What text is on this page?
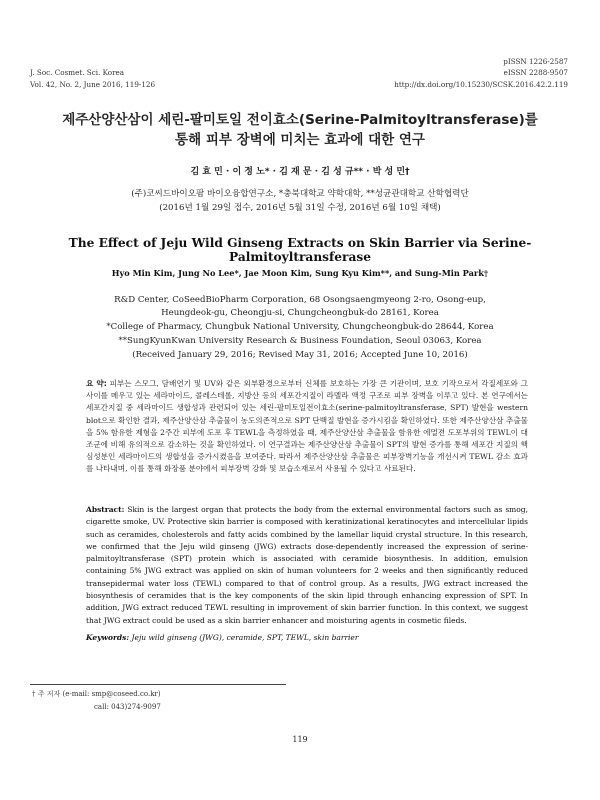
J. Soc. Cosmet. Sci. Korea
Vol. 42, No. 2, June 2016, 119-126
pISSN 1226-2587
eISSN 2288-9507
http://dx.doi.org/10.15230/SCSK.2016.42.2.119
제주산양산삼이 세린-팔미토일 전이효소(Serine-Palmitoyltransferase)를
통해 피부 장벽에 미치는 효과에 대한 연구
김 효 민 · 이 정 노* · 김 재 문 · 김 성 규** · 박 성 민†
(주)코씨드바이오팜 바이오융합연구소, *충북대학교 약학대학, **성균관대학교 산학협력단
(2016년 1월 29일 접수, 2016년 5월 31일 수정, 2016년 6월 10일 채택)
The Effect of Jeju Wild Ginseng Extracts on Skin Barrier via Serine-Palmitoyltransferase
Hyo Min Kim, Jung No Lee*, Jae Moon Kim, Sung Kyu Kim**, and Sung-Min Park†
R&D Center, CoSeedBioPharm Corporation, 68 Osongsaengmyeong 2-ro, Osong-eup,
Heungdeok-gu, Cheongju-si, Chungcheongbuk-do 28161, Korea
*College of Pharmacy, Chungbuk National University, Chungcheongbuk-do 28644, Korea
**SungKyunKwan University Research & Business Foundation, Seoul 03063, Korea
(Received January 29, 2016; Revised May 31, 2016; Accepted June 10, 2016)
요 약: 피부는 스모그, 담배연기 및 UV와 같은 외부환경으로부터 신체를 보호하는 가장 큰 기관이며, 보호 기작으로서 각질세포와 그 사이를 메우고 있는 세라마이드, 콜레스테롤, 지방산 등의 세포간지질이 라멜라 액정 구조로 피부 장벽을 이루고 있다. 본 연구에서는 세포간지질 중 세라마이드 생합성과 관련되어 있는 세린-팔미토일전이효소(serine-palmitoyltransferase, SPT) 발현을 western blot으로 확인한 결과, 제주산양산삼 추출물이 농도의존적으로 SPT 단백질 발현을 증가시킴을 확인하였다. 또한 제주산양산삼 추출물을 5% 함유한 제형을 2주간 피부에 도포 후 TEWL을 측정하였을 때, 제주산양산삼 추출물을 함유한 에멀젼 도포부위의 TEWL이 대조군에 비해 유의적으로 감소하는 것을 확인하였다. 이 연구결과는 제주산양산삼 추출물이 SPT의 발현 증가를 통해 세포간 지질의 핵심성분인 세라마이드의 생합성을 증가시켰음을 보여준다. 따라서 제주산양산삼 추출물은 피부장벽기능을 개선시켜 TEWL 감소 효과를 나타내며, 이를 통해 화장품 분야에서 피부장벽 강화 및 보습소재로서 사용될 수 있다고 사료된다.
Abstract: Skin is the largest organ that protects the body from the external environmental factors such as smog, cigarette smoke, UV. Protective skin barrier is composed with keratinizational keratinocytes and intercellular lipids such as ceramides, cholesterols and fatty acids combined by the lamellar liquid crystal structure. In this research, we confirmed that the Jeju wild ginseng (JWG) extracts dose-dependently increased the expression of serine-palmitoyltransferase (SPT) protein which is associated with ceramide biosynthesis. In addition, emulsion containing 5% JWG extract was applied on skin of human volunteers for 2 weeks and then significantly reduced transepidermal water loss (TEWL) compared to that of control group. As a results, JWG extract increased the biosynthesis of ceramides that is the key components of the skin lipid through enhancing expression of SPT. In addition, JWG extract reduced TEWL resulting in improvement of skin barrier function. In this context, we suggest that JWG extract could be used as a skin barrier enhancer and moisturing agents in cosmetic fileds.
Keywords: Jeju wild ginseng (JWG), ceramide, SPT, TEWL, skin barrier
† 주 저자 (e-mail: smp@coseed.co.kr)
call: 043)274-9097
119
